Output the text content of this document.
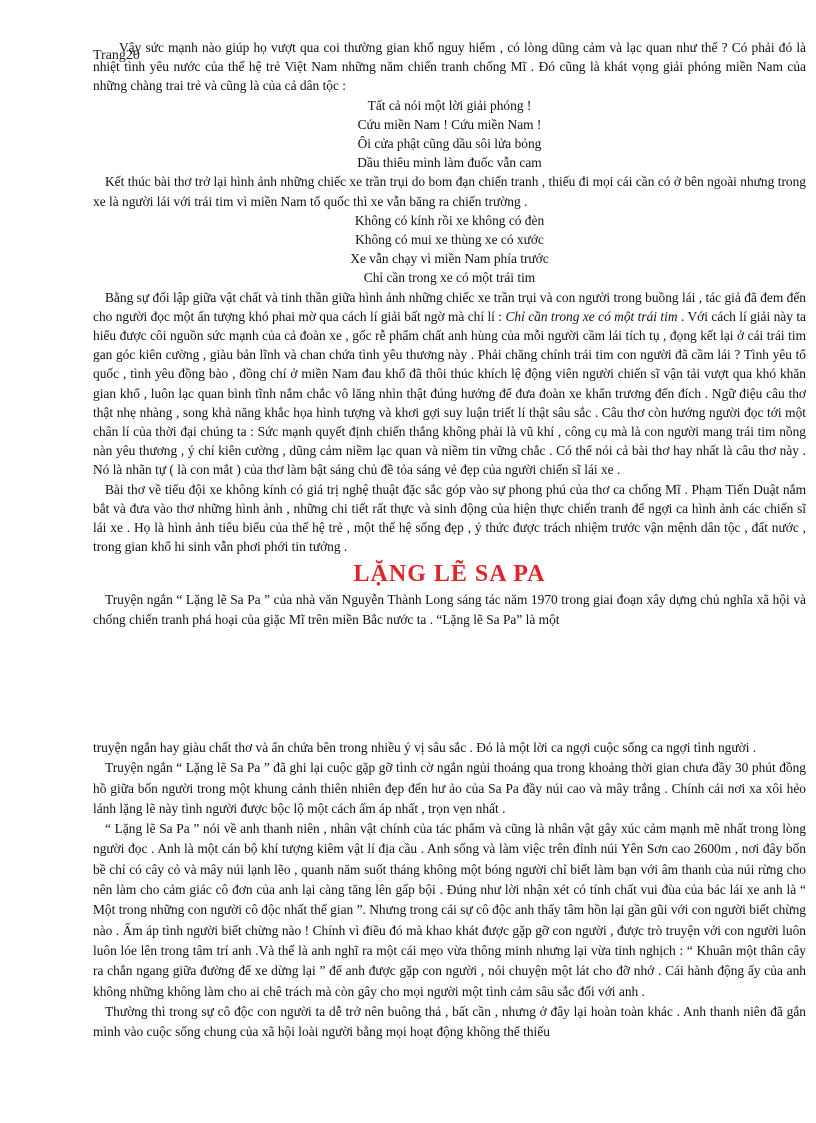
Trang20

Vậy sức mạnh nào giúp họ vượt qua coi thường gian khổ nguy hiểm , có lòng dũng cảm và lạc quan như thế ? Có phải đó là nhiệt tình yêu nước của thế hệ trẻ Việt Nam những năm chiến tranh chống Mĩ . Đó cũng là khát vọng giải phóng miền Nam của những chàng trai trẻ và cũng là của cả dân tộc :

Tất cả nói một lời giải phóng !

Cứu miền Nam ! Cứu miền Nam !

Ôi cửa phật cũng dầu sôi lửa bỏng

Dầu thiêu mình làm đuốc vẫn cam

Kết thúc bài thơ trở lại hình ảnh những chiếc xe trần trụi do bom đạn chiến tranh , thiếu đi mọi cái cần có ở bên ngoài nhưng trong xe là người lái với trái tim vì miền Nam tổ quốc thì xe vẫn băng ra chiến trường .

Không có kính rồi xe không có đèn

Không có mui xe thùng xe có xước

Xe vẫn chạy vì miền Nam phía trước

Chỉ cần trong xe có một trái tim

Bằng sự đối lập giữa vật chất và tinh thần giữa hình ảnh những chiếc xe trần trụi và con người trong buồng lái , tác giả đã đem đến cho người đọc một ấn tượng khó phai mờ qua cách lí giải bất ngờ mà chí lí : Chỉ cần trong xe có một trái tim . Với cách lí giải này ta hiểu được côi nguồn sức mạnh của cả đoàn xe , gốc rễ phẩm chất anh hùng của mỗi người cầm lái tích tụ , đọng kết lại ở cái trái tim gan góc kiên cường , giàu bản lĩnh và chan chứa tình yêu thương này . Phải chăng chính trái tim con người đã cầm lái ? Tình yêu tổ quốc , tình yêu đồng bào , đồng chí ở miền Nam đau khổ đã thôi thúc khích lệ động viên người chiến sĩ vận tải vượt qua khó khăn gian khổ , luôn lạc quan bình tĩnh nắm chắc vô lăng nhìn thật đúng hướng để đưa đoàn xe khẩn trương đến đích . Ngữ điệu câu thơ thật nhẹ nhàng , song khả năng khắc họa hình tượng và khơi gợi suy luận triết lí thật sâu sắc . Câu thơ còn hướng người đọc tới một chân lí của thời đại chúng ta : Sức mạnh quyết định chiến thắng không phải là vũ khí , công cụ mà là con người mang trái tim nồng nàn yêu thương , ý chí kiên cường , dũng cảm niềm lạc quan và niềm tin vững chắc . Có thể nói cả bài thơ hay nhất là câu thơ này . Nó là nhãn tự ( là con mắt ) của thơ làm bật sáng chủ đề tỏa sáng vẻ đẹp của người chiến sĩ lái xe .

Bài thơ về tiểu đội xe không kính có giá trị nghệ thuật đặc sắc góp vào sự phong phú của thơ ca chống Mĩ . Phạm Tiến Duật nắm bắt và đưa vào thơ những hình ảnh , những chi tiết rất thực và sinh động của hiện thực chiến tranh để ngợi ca hình ảnh các chiến sĩ lái xe . Họ là hình ảnh tiêu biểu của thế hệ trẻ , một thế hệ sống đẹp , ý thức được trách nhiệm trước vận mệnh dân tộc , đất nước , trong gian khổ hi sinh vẫn phơi phới tin tưởng .

LẶNG LẼ SA PA

Truyện ngắn “ Lặng lẽ Sa Pa ” của nhà văn Nguyễn Thành Long sáng tác năm 1970 trong giai đoạn xây dựng chủ nghĩa xã hội và chống chiến tranh phá hoại của giặc Mĩ trên miền Bắc nước ta . “Lặng lẽ Sa Pa” là một

truyện ngắn hay giàu chất thơ và ẩn chứa bên trong nhiều ý vị sâu sắc . Đó là một lời ca ngợi cuộc sống ca ngợi tình người .

Truyện ngắn “ Lặng lẽ Sa Pa ” đã ghi lại cuộc gặp gỡ tình cờ ngắn ngủi thoáng qua trong khoảng thời gian chưa đầy 30 phút đồng hồ giữa bốn người trong một khung cảnh thiên nhiên đẹp đến hư ảo của Sa Pa đầy núi cao và mây trắng . Chính cái nơi xa xôi hẻo lánh lặng lẽ này tình người được bộc lộ một cách ấm áp nhất , trọn vẹn nhất .

“ Lặng lẽ Sa Pa ” nói về anh thanh niên , nhân vật chính của tác phẩm và cũng là nhân vật gây xúc cảm mạnh mẽ nhất trong lòng người đọc . Anh là một cán bộ khí tượng kiêm vật lí địa cầu . Anh sống và làm việc trên đỉnh núi Yên Sơn cao 2600m , nơi đây bốn bề chỉ có cây cỏ và mây núi lạnh lẽo , quanh năm suốt tháng không một bóng người chỉ biết làm bạn với âm thanh của núi rừng cho nên làm cho cảm giác cô đơn của anh lại càng tăng lên gấp bội . Đúng như lời nhận xét có tính chất vui đùa của bác lái xe anh là “ Một trong những con người cô độc nhất thế gian ”. Nhưng trong cái sự cô độc anh thấy tâm hồn lại gần gũi với con người biết chừng nào . Ấm áp tình người biết chừng nào ! Chính vì điều đó mà khao khát được gặp gỡ con người , được trò truyện với con người luôn luôn lóe lên trong tâm trí anh .Và thế là anh nghĩ ra một cái mẹo vừa thông minh nhưng lại vừa tinh nghịch : “ Khuân một thân cây ra chắn ngang giữa đường để xe dừng lại ” để anh được gặp con người , nói chuyện một lát cho đỡ nhớ . Cái hành động ấy của anh không những không làm cho ai chê trách mà còn gây cho mọi người một tình cảm sâu sắc đối với anh .

Thường thì trong sự cô độc con người ta dễ trở nên buông thả , bất cần , nhưng ở đây lại hoàn toàn khác . Anh thanh niên đã gắn mình vào cuộc sống chung của xã hội loài người bằng mọi hoạt động không thể thiếu
